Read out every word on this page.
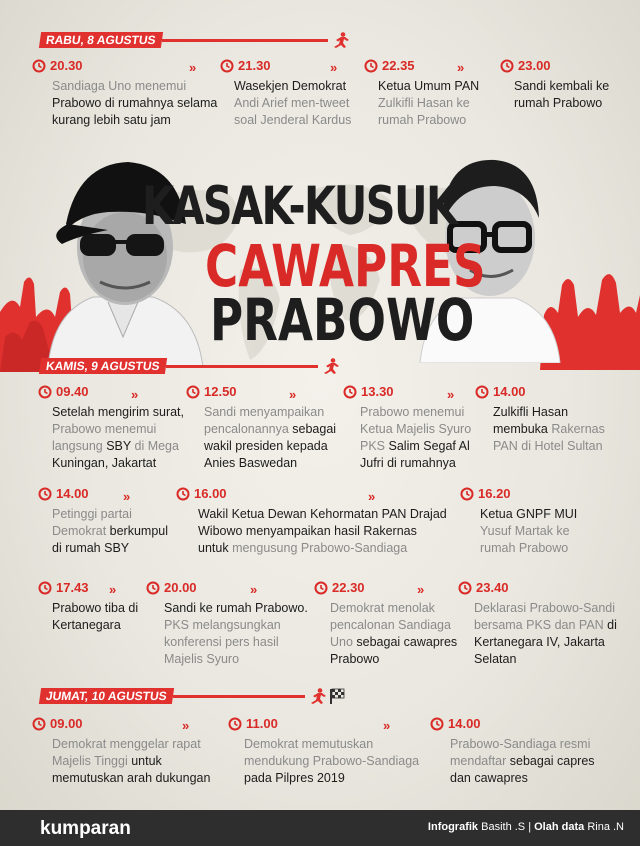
KASAK-KUSUK
CAWAPRES
PRABOWO
RABU, 8 AGUSTUS
KAMIS, 9 AGUSTUS
JUMAT, 10 AGUSTUS
20.30
Sandiaga Uno menemui
Prabowo di rumahnya selama
kurang lebih satu jam
»	21.30
Wasekjen Demokrat
Andi Arief men-tweet
soal Jenderal Kardus
»	22.35
Ketua Umum PAN
Zulkifli Hasan ke
rumah Prabowo
»	23.00
Sandi kembali ke
rumah Prabowo
09.40
Setelah mengirim surat,
Prabowo menemui
langsung SBY di Mega
Kuningan, Jakartat
»	12.50
Sandi menyampaikan
pencalonannya sebagai
wakil presiden kepada
Anies Baswedan
»	13.30
Prabowo menemui
Ketua Majelis Syuro
PKS Salim Segaf Al
Jufri di rumahnya
»	14.00
Zulkifli Hasan
membuka Rakernas
PAN di Hotel Sultan
14.00
Petinggi partai
Demokrat berkumpul
di rumah SBY
»	16.00
Wakil Ketua Dewan Kehormatan PAN Drajad
Wibowo menyampaikan hasil Rakernas
untuk mengusung Prabowo-Sandiaga
»	16.20
Ketua GNPF MUI
Yusuf Martak ke
rumah Prabowo
17.43
Prabowo tiba di
Kertanegara
»	20.00
Sandi ke rumah Prabowo.
PKS melangsungkan
konferensi pers hasil
Majelis Syuro
»	22.30
Demokrat menolak
pencalonan Sandiaga
Uno sebagai cawapres
Prabowo
»	23.40
Deklarasi Prabowo-Sandi
bersama PKS dan PAN di
Kertanegara IV, Jakarta
Selatan
09.00
Demokrat menggelar rapat
Majelis Tinggi untuk
memutuskan arah dukungan
»	11.00
Demokrat memutuskan
mendukung Prabowo-Sandiaga
pada Pilpres 2019
»	14.00
Prabowo-Sandiaga resmi
mendaftar sebagai capres
dan cawapres
kumparan	Infografik Basith .S | Olah data Rina .N
